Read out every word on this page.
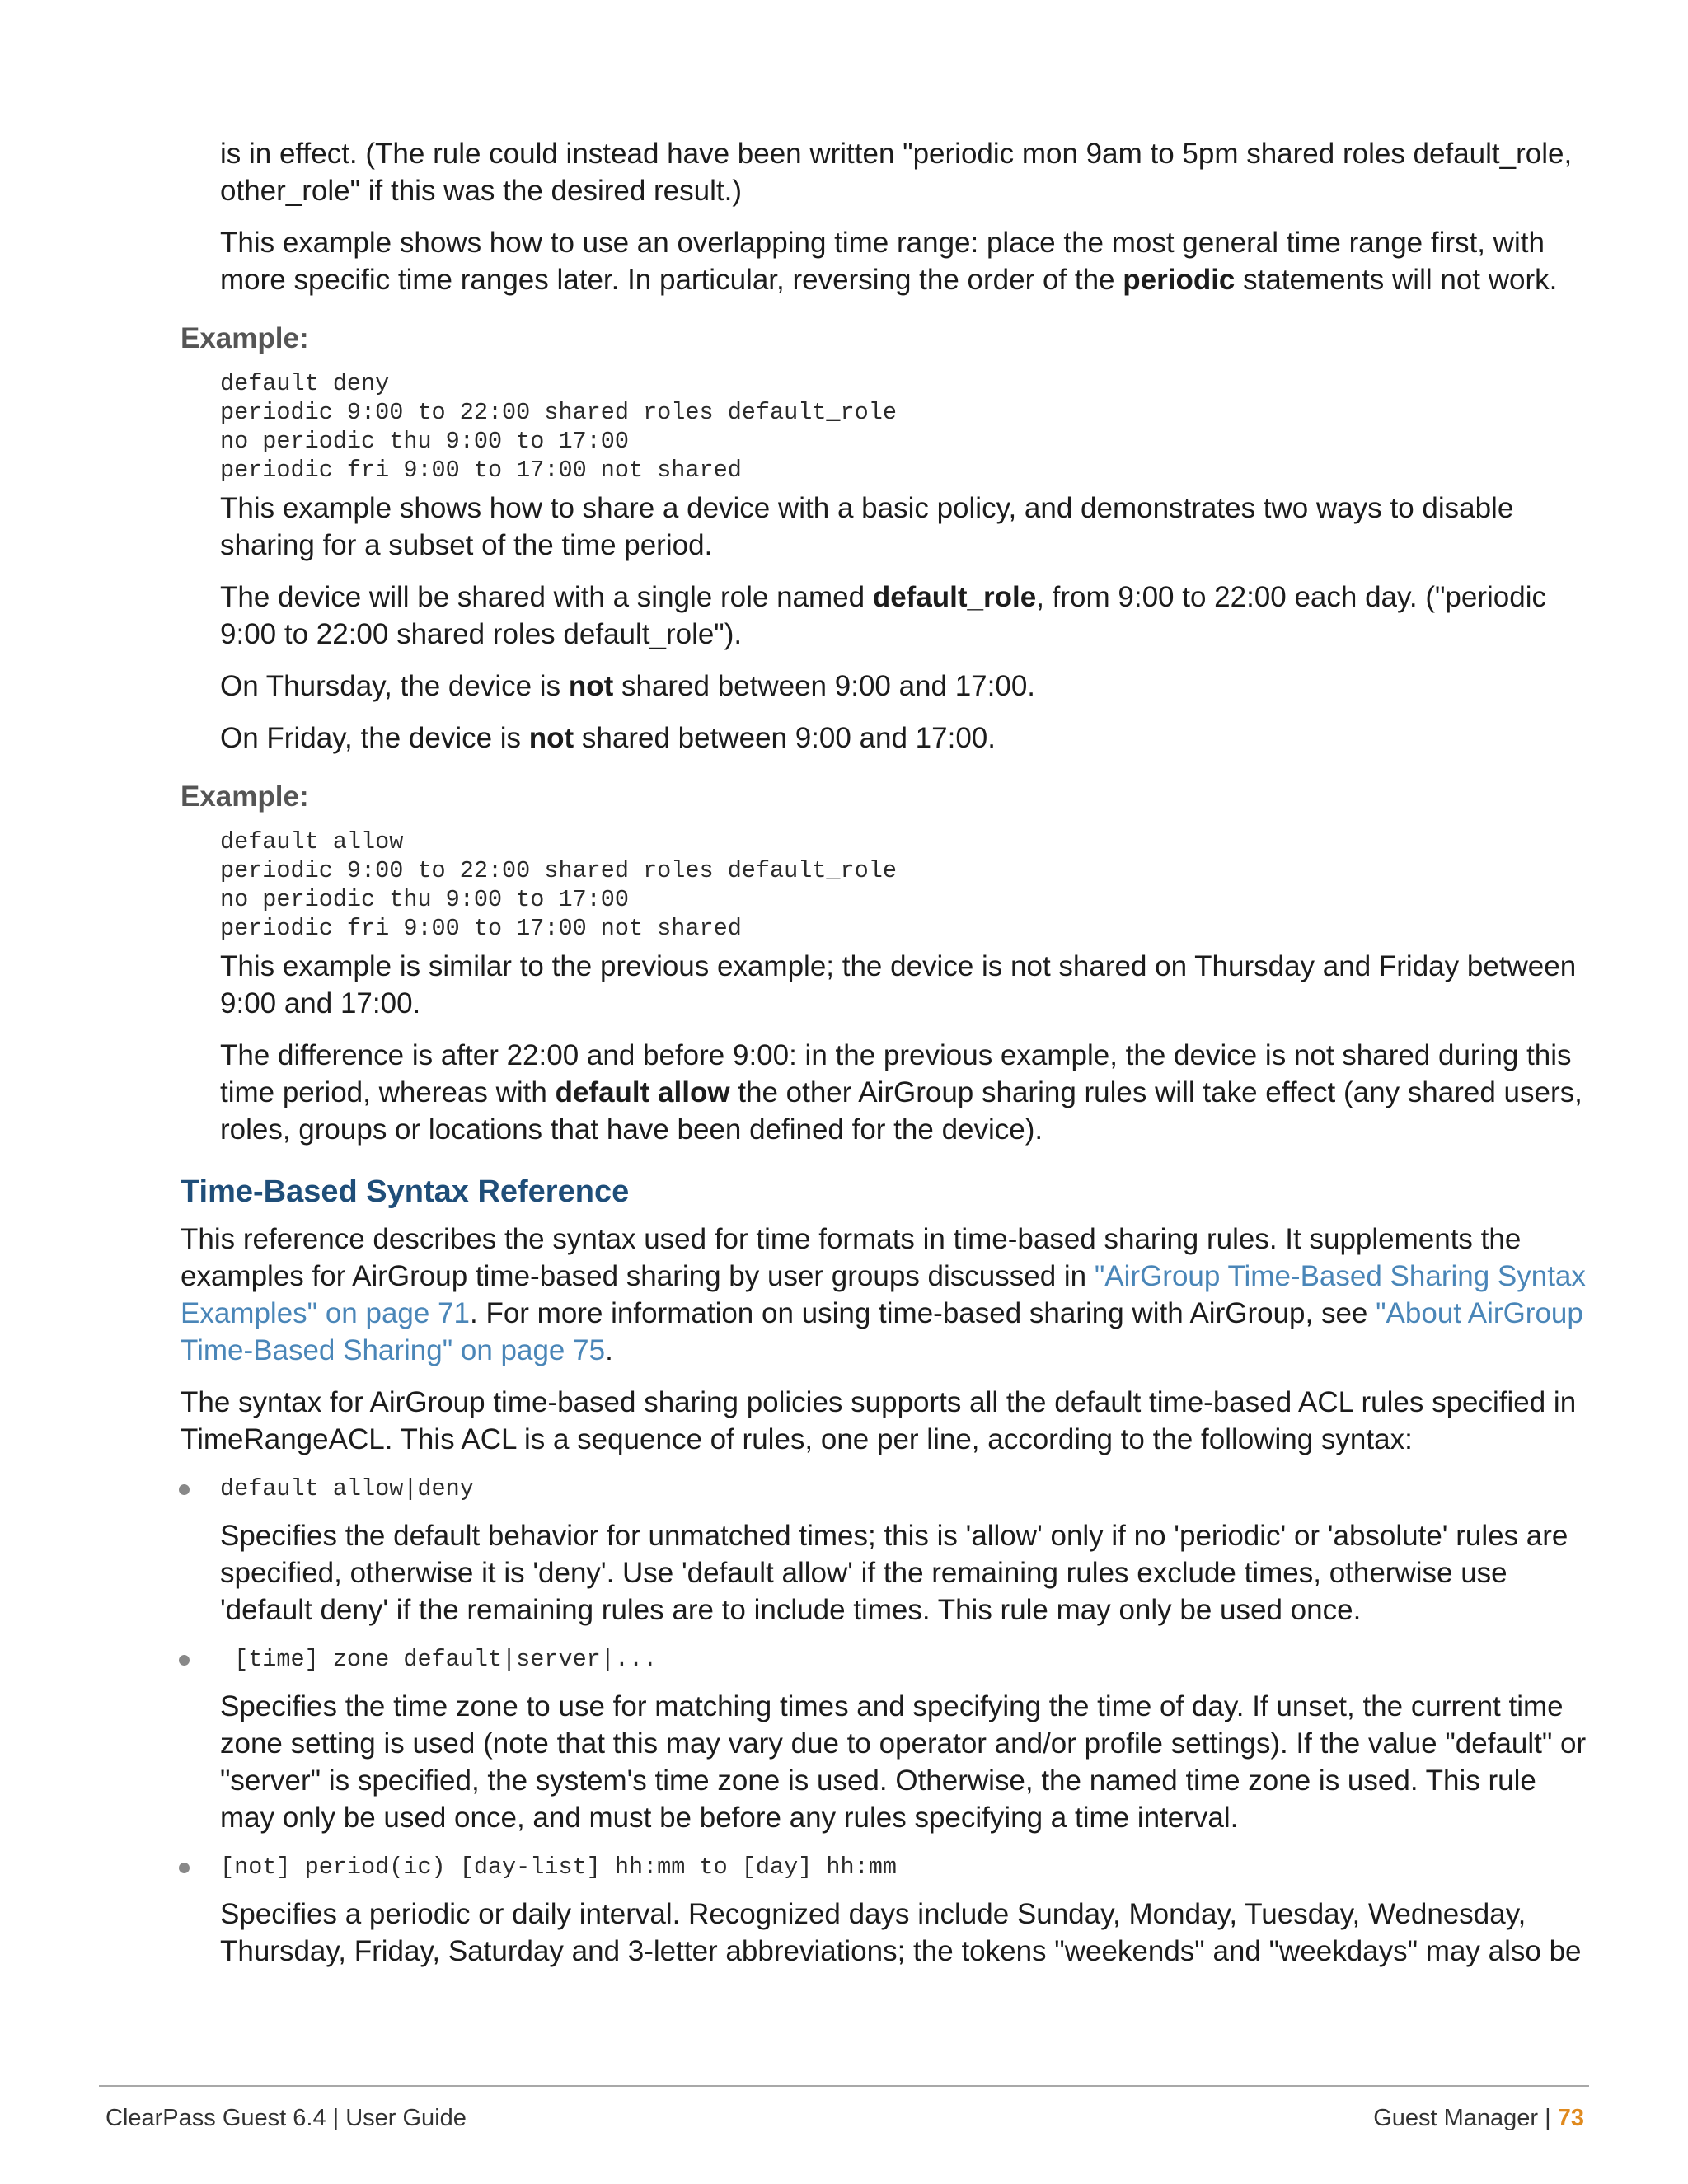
is in effect. (The rule could instead have been written "periodic mon 9am to 5pm shared roles default_role, other_role" if this was the desired result.)

This example shows how to use an overlapping time range: place the most general time range first, with more specific time ranges later. In particular, reversing the order of the periodic statements will not work.

Example:
default deny
periodic 9:00 to 22:00 shared roles default_role
no periodic thu 9:00 to 17:00
periodic fri 9:00 to 17:00 not shared

This example shows how to share a device with a basic policy, and demonstrates two ways to disable sharing for a subset of the time period.

The device will be shared with a single role named default_role, from 9:00 to 22:00 each day. ("periodic 9:00 to 22:00 shared roles default_role").

On Thursday, the device is not shared between 9:00 and 17:00.

On Friday, the device is not shared between 9:00 and 17:00.

Example:
default allow
periodic 9:00 to 22:00 shared roles default_role
no periodic thu 9:00 to 17:00
periodic fri 9:00 to 17:00 not shared

This example is similar to the previous example; the device is not shared on Thursday and Friday between 9:00 and 17:00.

The difference is after 22:00 and before 9:00: in the previous example, the device is not shared during this time period, whereas with default allow the other AirGroup sharing rules will take effect (any shared users, roles, groups or locations that have been defined for the device).

Time-Based Syntax Reference

This reference describes the syntax used for time formats in time-based sharing rules. It supplements the examples for AirGroup time-based sharing by user groups discussed in "AirGroup Time-Based Sharing Syntax Examples" on page 71. For more information on using time-based sharing with AirGroup, see "About AirGroup Time-Based Sharing" on page 75.

The syntax for AirGroup time-based sharing policies supports all the default time-based ACL rules specified in TimeRangeACL. This ACL is a sequence of rules, one per line, according to the following syntax:

default allow|deny

Specifies the default behavior for unmatched times; this is 'allow' only if no 'periodic' or 'absolute' rules are specified, otherwise it is 'deny'. Use 'default allow' if the remaining rules exclude times, otherwise use 'default deny' if the remaining rules are to include times. This rule may only be used once.

[time] zone default|server|...

Specifies the time zone to use for matching times and specifying the time of day. If unset, the current time zone setting is used (note that this may vary due to operator and/or profile settings). If the value "default" or "server" is specified, the system's time zone is used. Otherwise, the named time zone is used. This rule may only be used once, and must be before any rules specifying a time interval.

[not] period(ic) [day-list] hh:mm to [day] hh:mm

Specifies a periodic or daily interval. Recognized days include Sunday, Monday, Tuesday, Wednesday, Thursday, Friday, Saturday and 3-letter abbreviations; the tokens "weekends" and "weekdays" may also be

ClearPass Guest 6.4 | User Guide	Guest Manager | 73
